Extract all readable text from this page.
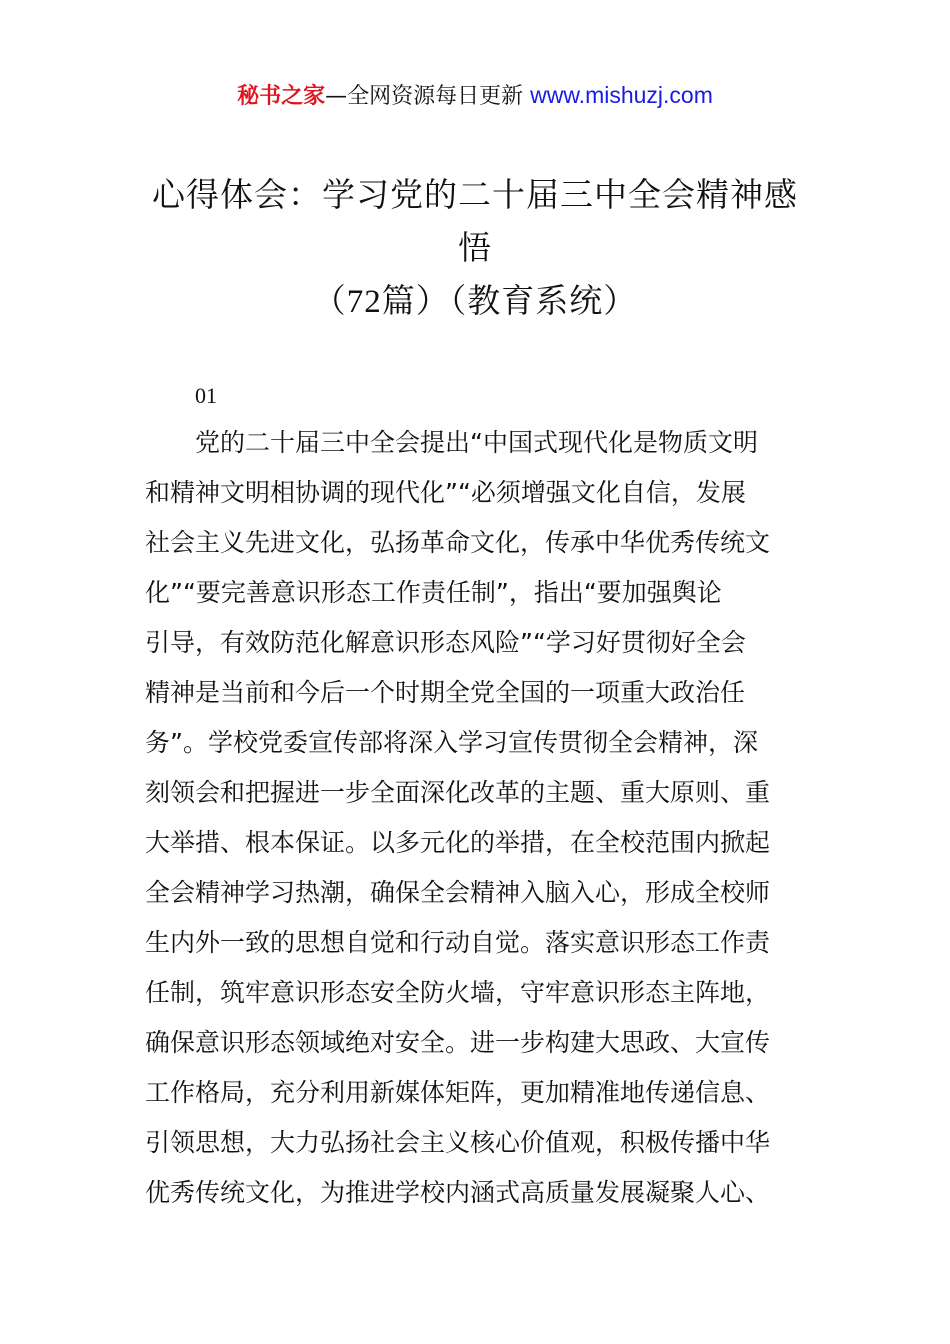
秘书之家—全网资源每日更新 www.mishuzj.com
心得体会：学习党的二十届三中全会精神感
悟
（72篇）（教育系统）
01
　　党的二十届三中全会提出“中国式现代化是物质文明
和精神文明相协调的现代化”“必须增强文化自信，发展
社会主义先进文化，弘扬革命文化，传承中华优秀传统文
化”“要完善意识形态工作责任制”，指出“要加强舆论
引导，有效防范化解意识形态风险”“学习好贯彻好全会
精神是当前和今后一个时期全党全国的一项重大政治任
务”。学校党委宣传部将深入学习宣传贯彻全会精神，深
刻领会和把握进一步全面深化改革的主题、重大原则、重
大举措、根本保证。以多元化的举措，在全校范围内掀起
全会精神学习热潮，确保全会精神入脑入心，形成全校师
生内外一致的思想自觉和行动自觉。落实意识形态工作责
任制，筑牢意识形态安全防火墙，守牢意识形态主阵地，
确保意识形态领域绝对安全。进一步构建大思政、大宣传
工作格局，充分利用新媒体矩阵，更加精准地传递信息、
引领思想，大力弘扬社会主义核心价值观，积极传播中华
优秀传统文化，为推进学校内涵式高质量发展凝聚人心、
